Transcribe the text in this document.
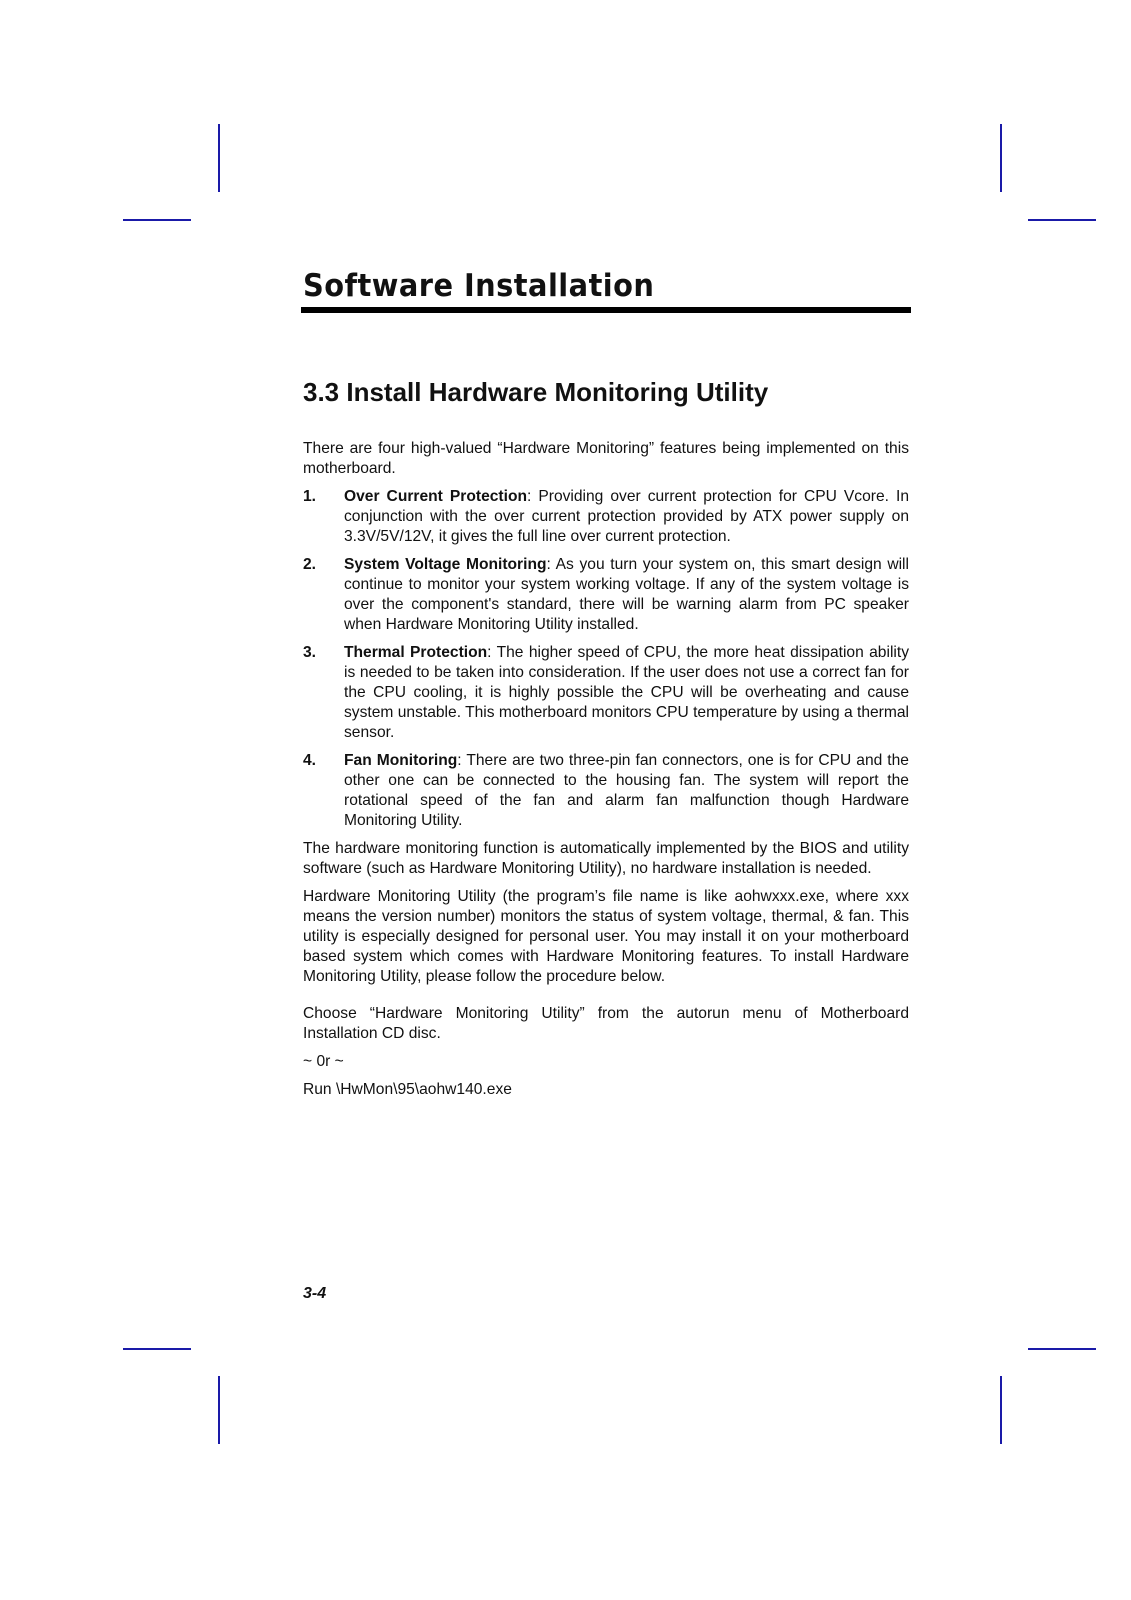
Software Installation
3.3 Install Hardware Monitoring Utility

There are four high-valued “Hardware Monitoring” features being implemented on this motherboard.

1.	Over Current Protection: Providing over current protection for CPU Vcore. In conjunction with the over current protection provided by ATX power supply on 3.3V/5V/12V, it gives the full line over current protection.
2.	System Voltage Monitoring: As you turn your system on, this smart design will continue to monitor your system working voltage. If any of the system voltage is over the component's standard, there will be warning alarm from PC speaker when Hardware Monitoring Utility installed.
3.	Thermal Protection: The higher speed of CPU, the more heat dissipation ability is needed to be taken into consideration. If the user does not use a correct fan for the CPU cooling, it is highly possible the CPU will be overheating and cause system unstable. This motherboard monitors CPU temperature by using a thermal sensor.
4.	Fan Monitoring: There are two three-pin fan connectors, one is for CPU and the other one can be connected to the housing fan. The system will report the rotational speed of the fan and alarm fan malfunction though Hardware Monitoring Utility.

The hardware monitoring function is automatically implemented by the BIOS and utility software (such as Hardware Monitoring Utility), no hardware installation is needed.

Hardware Monitoring Utility (the program’s file name is like aohwxxx.exe, where xxx means the version number) monitors the status of system voltage, thermal, & fan. This utility is especially designed for personal user. You may install it on your motherboard based system which comes with Hardware Monitoring features. To install Hardware Monitoring Utility, please follow the procedure below.

Choose “Hardware Monitoring Utility” from the autorun menu of Motherboard Installation CD disc.

~ 0r ~

Run \HwMon\95\aohw140.exe

3-4
